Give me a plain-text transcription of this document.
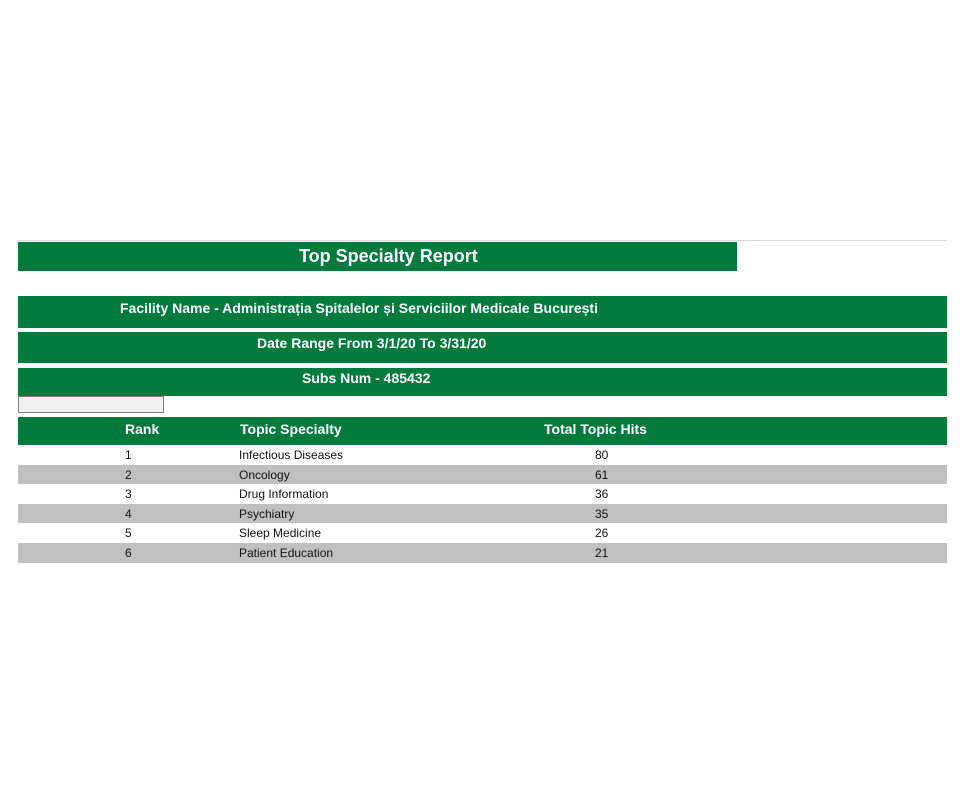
Top Specialty Report
Facility Name - Administrația Spitalelor și Serviciilor Medicale București
Date Range From 3/1/20 To 3/31/20
Subs Num - 485432
Rank	Topic Specialty	Total Topic Hits
1	Infectious Diseases	80
2	Oncology	61
3	Drug Information	36
4	Psychiatry	35
5	Sleep Medicine	26
6	Patient Education	21
